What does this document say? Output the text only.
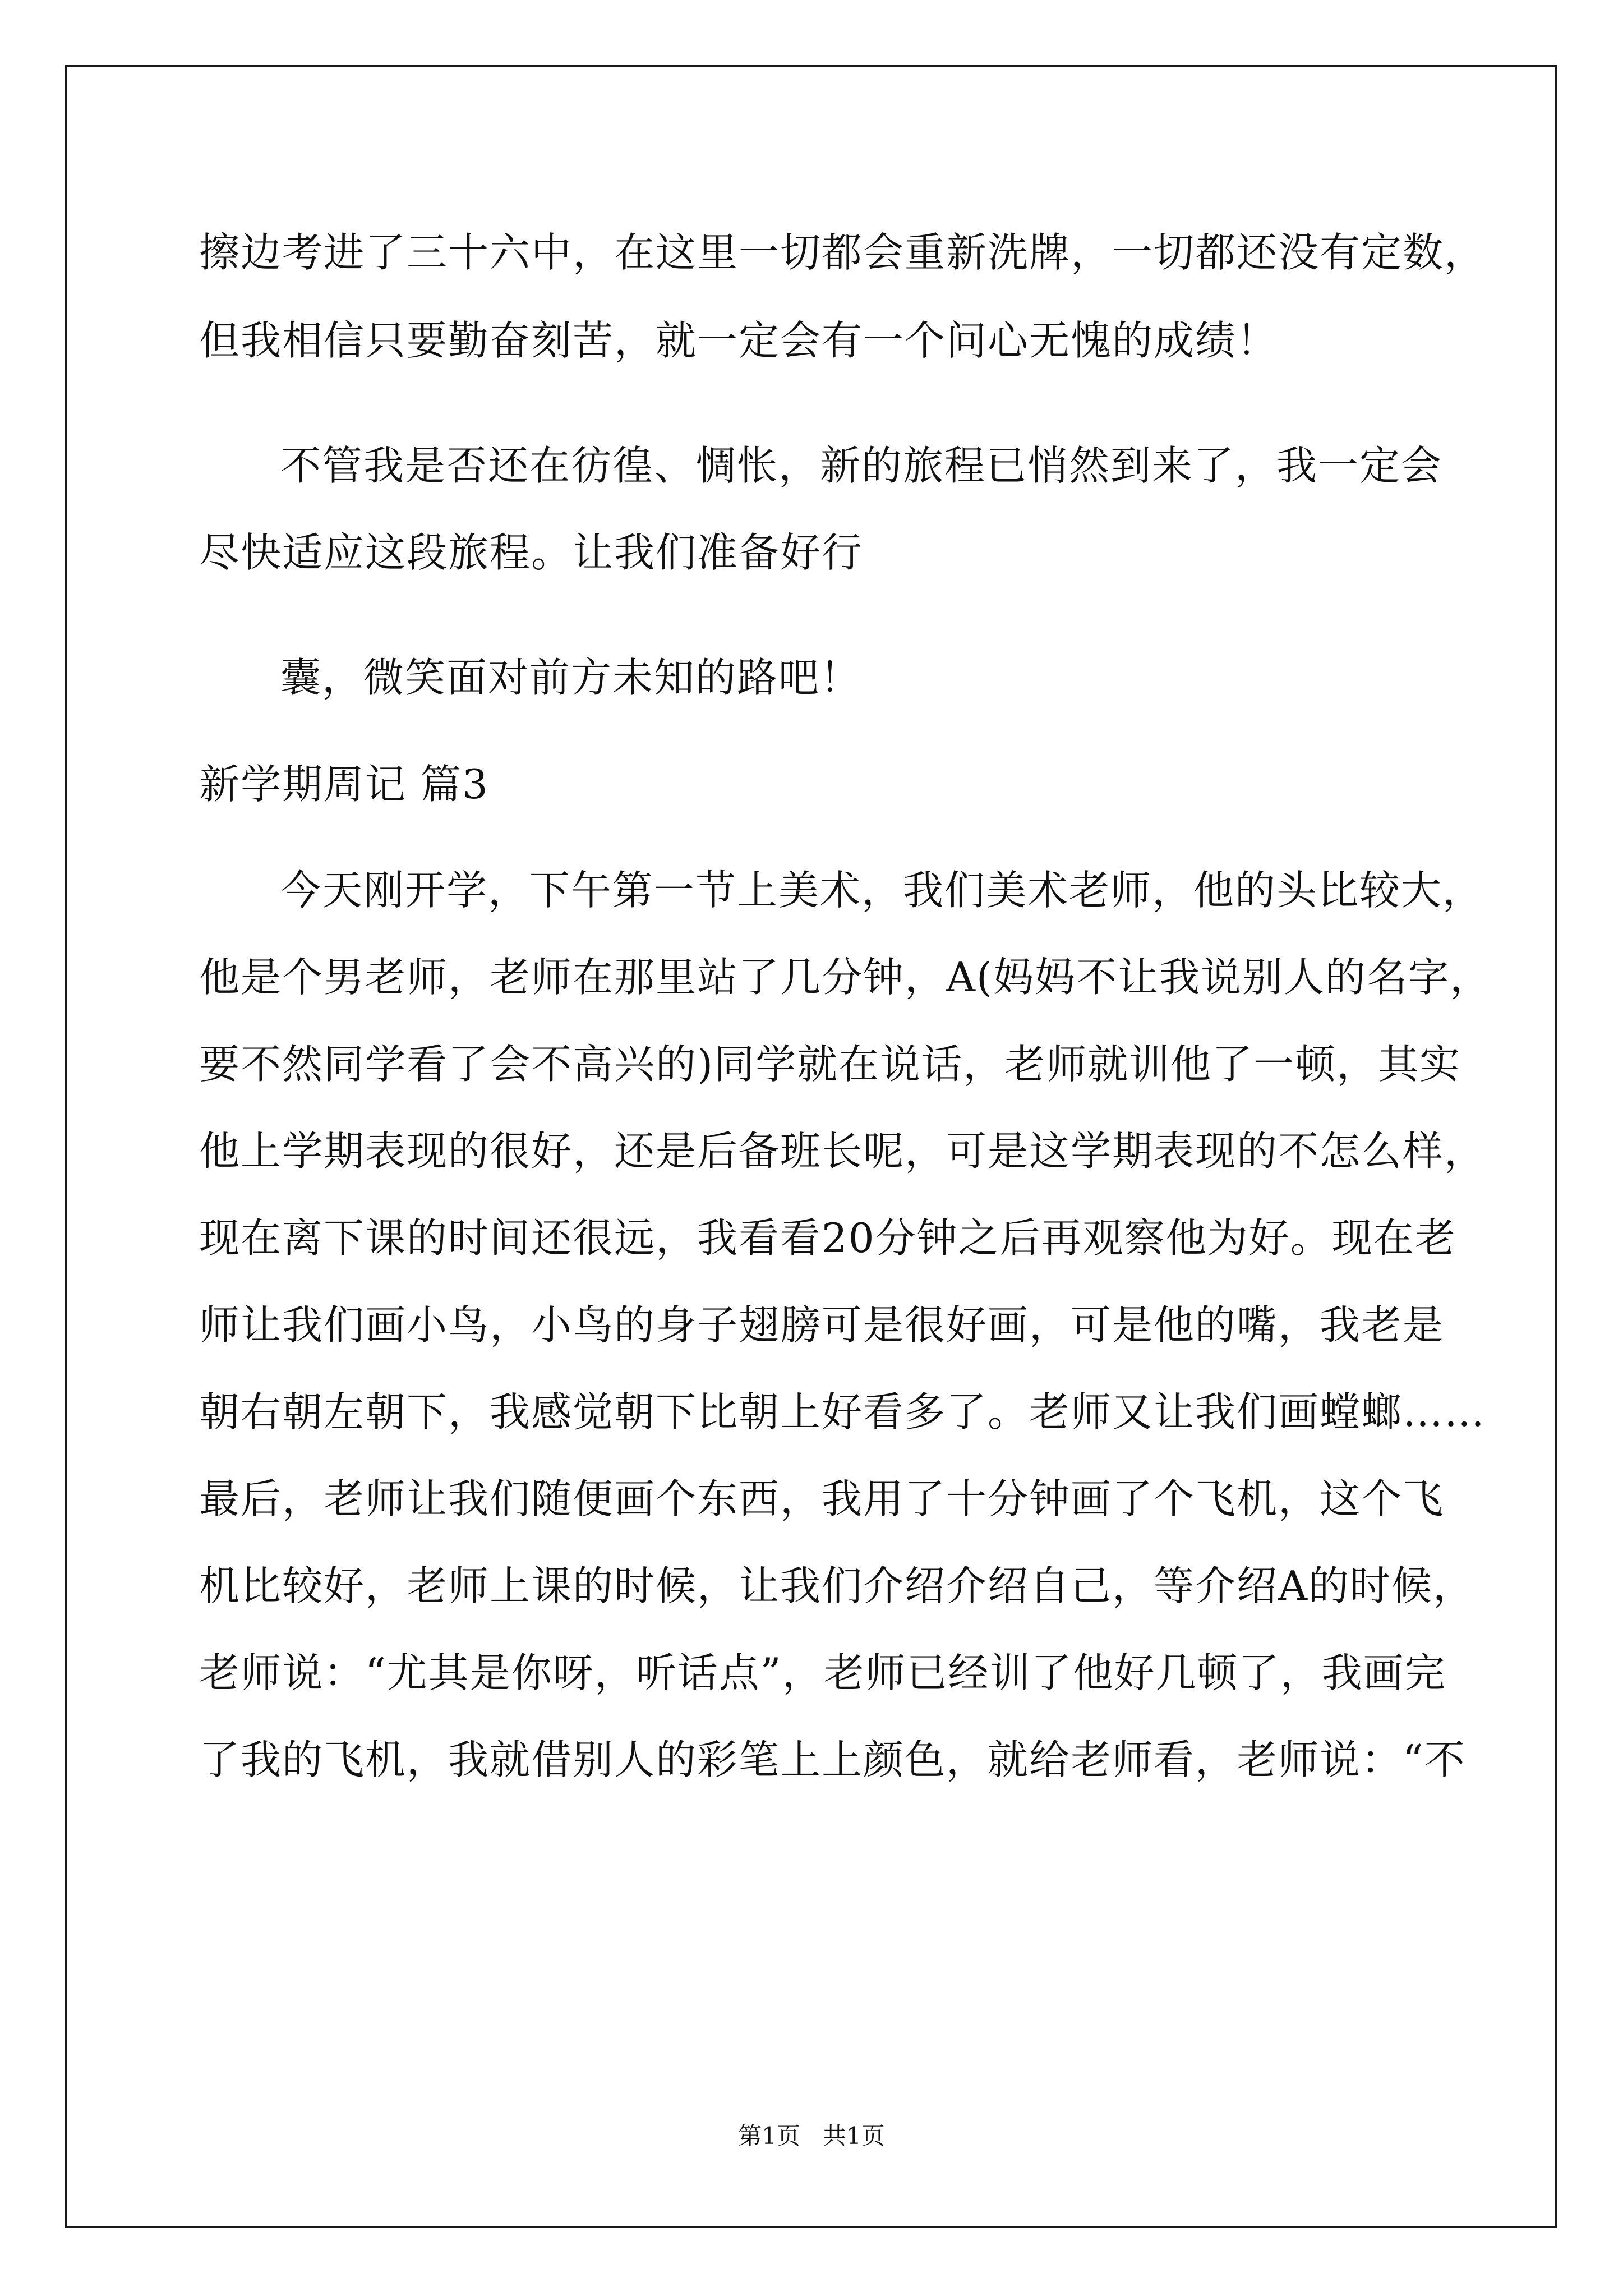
擦边考进了三十六中，在这里一切都会重新洗牌，一切都还没有定数，
但我相信只要勤奋刻苦，就一定会有一个问心无愧的成绩！
不管我是否还在彷徨、惆怅，新的旅程已悄然到来了，我一定会
尽快适应这段旅程。让我们准备好行
囊，微笑面对前方未知的路吧！
新学期周记 篇3
今天刚开学，下午第一节上美术，我们美术老师，他的头比较大，
他是个男老师，老师在那里站了几分钟，A(妈妈不让我说别人的名字，
要不然同学看了会不高兴的)同学就在说话，老师就训他了一顿，其实
他上学期表现的很好，还是后备班长呢，可是这学期表现的不怎么样，
现在离下课的时间还很远，我看看20分钟之后再观察他为好。现在老
师让我们画小鸟，小鸟的身子翅膀可是很好画，可是他的嘴，我老是
朝右朝左朝下，我感觉朝下比朝上好看多了。老师又让我们画螳螂……
最后，老师让我们随便画个东西，我用了十分钟画了个飞机，这个飞
机比较好，老师上课的时候，让我们介绍介绍自己，等介绍A的时候，
老师说：“尤其是你呀，听话点”，老师已经训了他好几顿了，我画完
了我的飞机，我就借别人的彩笔上上颜色，就给老师看，老师说：“不
第1页   共1页
